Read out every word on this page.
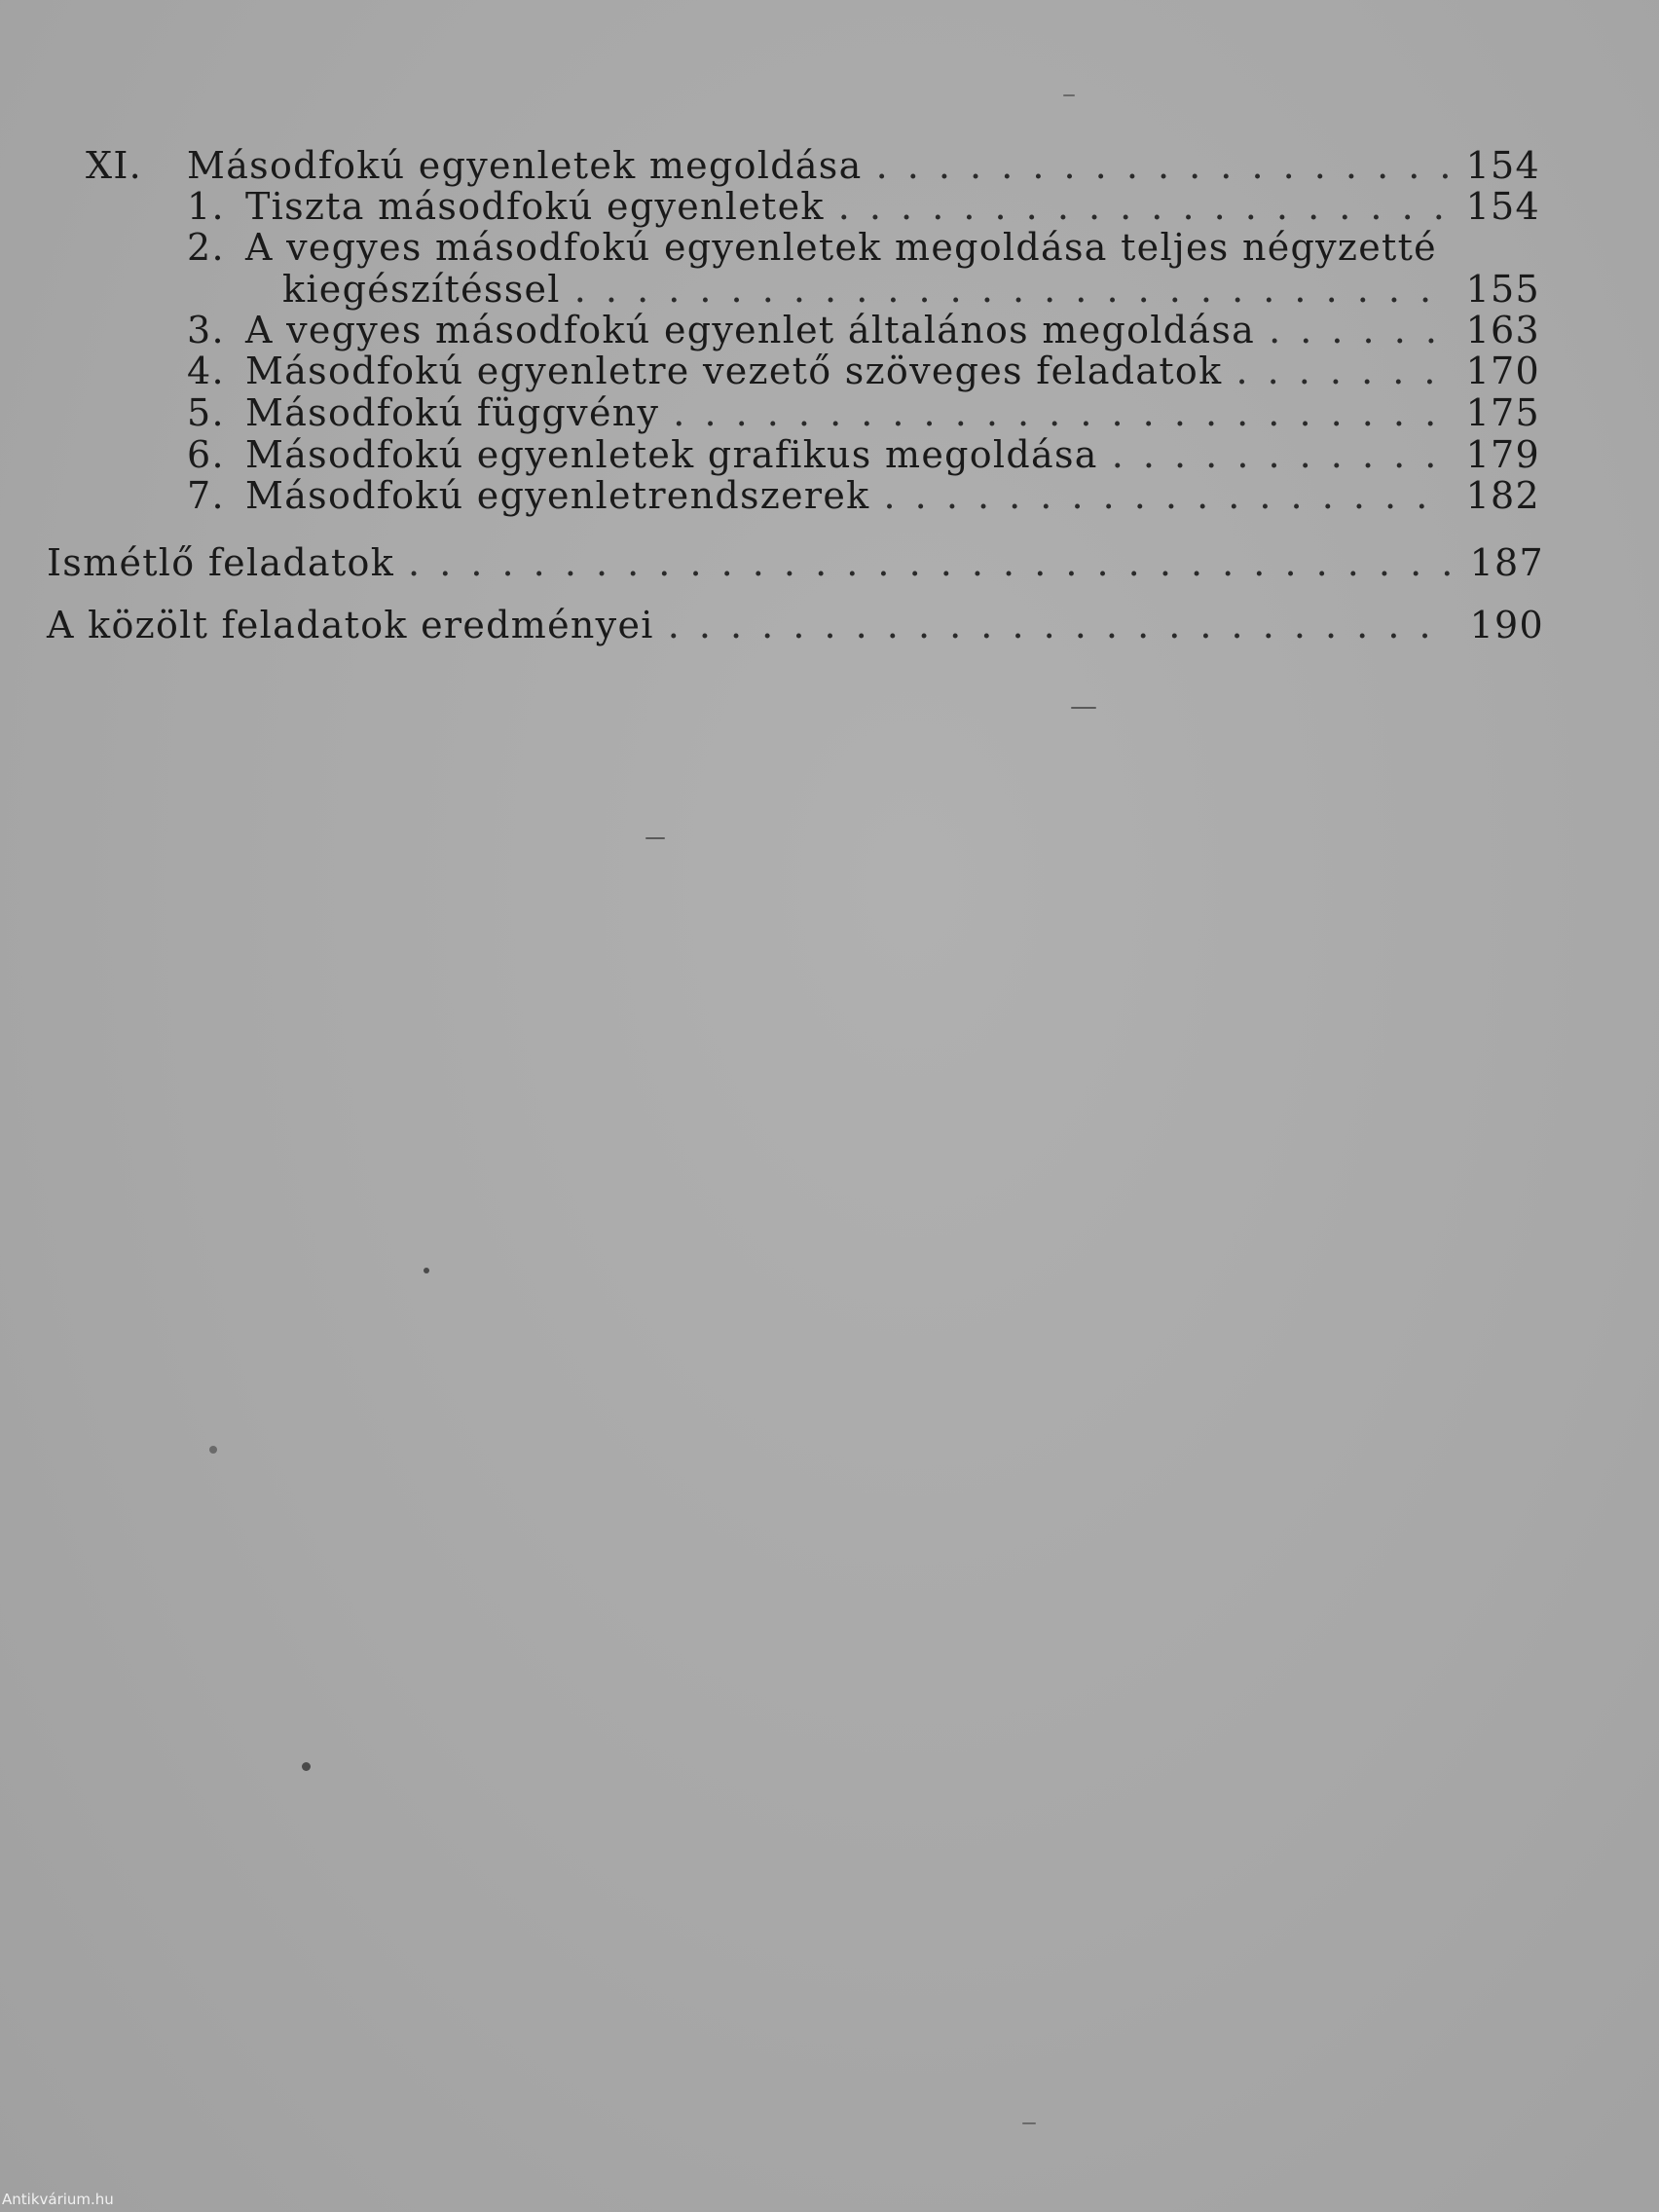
XI.	Másodfokú egyenletek megoldása . . .	154
1. Tiszta másodfokú egyenletek . . .	154
2. A vegyes másodfokú egyenletek megoldása teljes négyzetté
kiegészítéssel . . .	155
3. A vegyes másodfokú egyenlet általános megoldása . . .	163
4. Másodfokú egyenletre vezető szöveges feladatok . . .	170
5. Másodfokú függvény . . .	175
6. Másodfokú egyenletek grafikus megoldása . . .	179
7. Másodfokú egyenletrendszerek . . .	182
Ismétlő feladatok . . .	187
A közölt feladatok eredményei . . .	190
Antikvárium.hu
